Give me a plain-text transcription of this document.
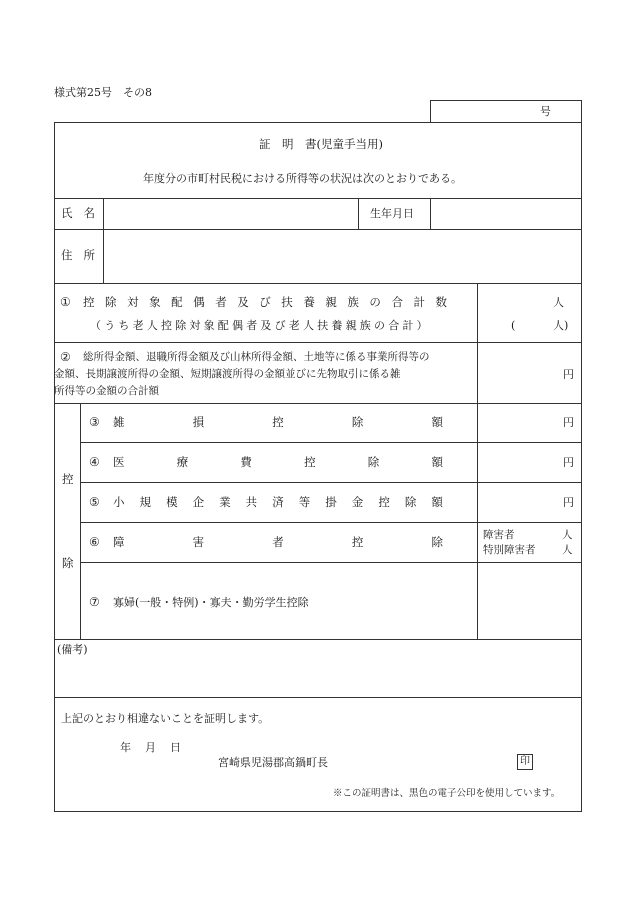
様式第25号　その8
号
証　明　書(児童手当用)
年度分の市町村民税における所得等の状況は次のとおりである。
氏 名	生年月日
住 所
① 控 除 対 象 配 偶 者 及 び 扶 養 親 族 の 合 計 数
（うち老人控除対象配偶者及び老人扶養親族の合計）
人
(	人)
② 総所得金額、退職所得金額及び山林所得金額、土地等に係る事業所得等の
金額、長期譲渡所得の金額、短期譲渡所得の金額並びに先物取引に係る雑
所得等の金額の合計額
円
控
除
③ 雑	損	控	除	額	円
④ 医	療	費	控	除	額	円
⑤ 小 規 模 企 業 共 済 等 掛 金 控 除 額	円
⑥ 障	害	者	控	除	障害者	人
特別障害者	人
⑦ 寡婦(一般・特例)・寡夫・勤労学生控除
(備考)
上記のとおり相違ないことを証明します。
年 月 日
宮崎県児湯郡高鍋町長	印
※この証明書は、黒色の電子公印を使用しています。
